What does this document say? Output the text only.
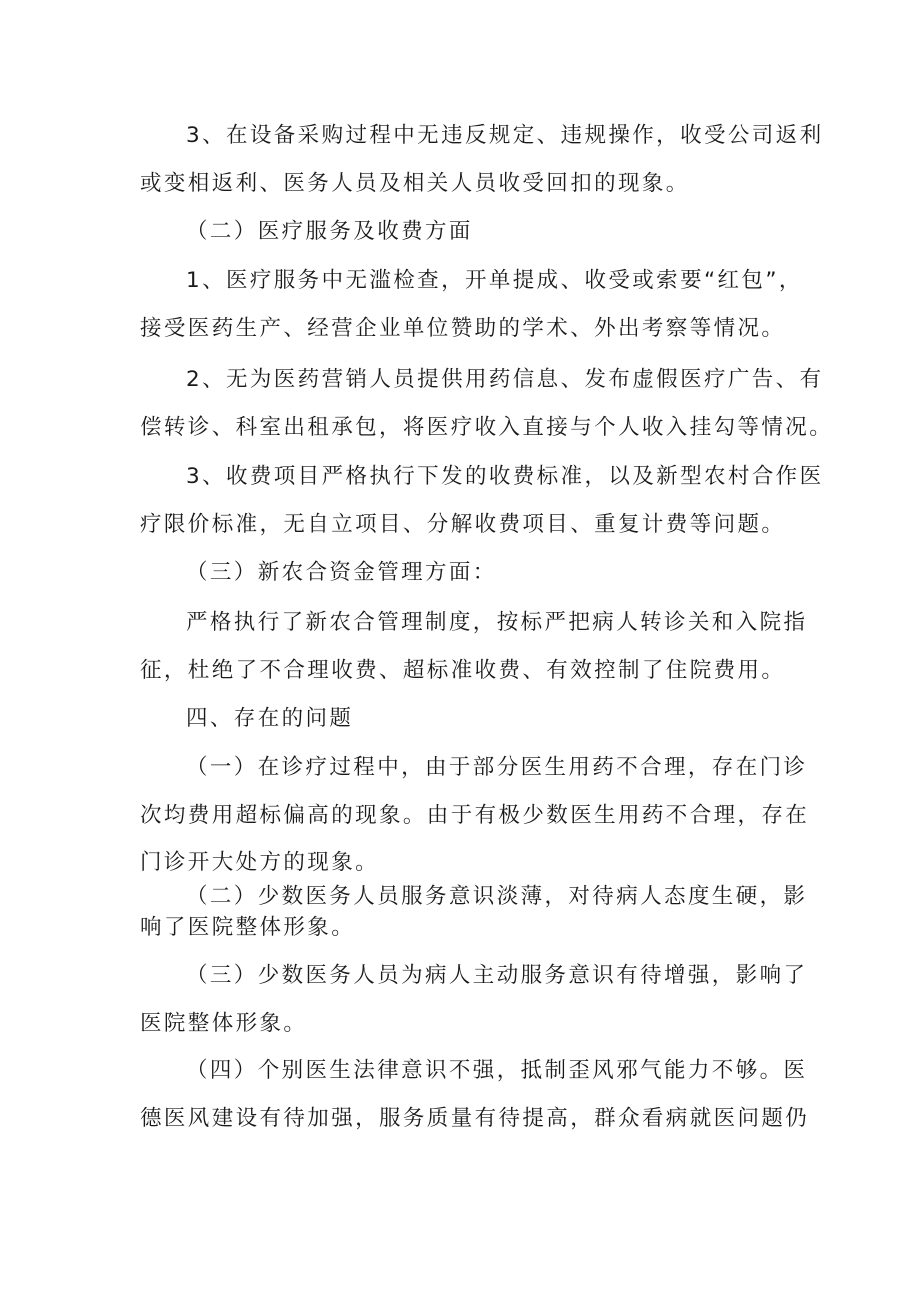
3、在设备采购过程中无违反规定、违规操作，收受公司返利
或变相返利、医务人员及相关人员收受回扣的现象。
（二）医疗服务及收费方面
1、医疗服务中无滥检查，开单提成、收受或索要“红包”，
接受医药生产、经营企业单位赞助的学术、外出考察等情况。
2、无为医药营销人员提供用药信息、发布虚假医疗广告、有
偿转诊、科室出租承包，将医疗收入直接与个人收入挂勾等情况。
3、收费项目严格执行下发的收费标准，以及新型农村合作医
疗限价标准，无自立项目、分解收费项目、重复计费等问题。
（三）新农合资金管理方面：
严格执行了新农合管理制度，按标严把病人转诊关和入院指
征，杜绝了不合理收费、超标准收费、有效控制了住院费用。
四、存在的问题
（一）在诊疗过程中，由于部分医生用药不合理，存在门诊
次均费用超标偏高的现象。由于有极少数医生用药不合理，存在
门诊开大处方的现象。
（二）少数医务人员服务意识淡薄，对待病人态度生硬，影
响了医院整体形象。
（三）少数医务人员为病人主动服务意识有待增强，影响了
医院整体形象。
（四）个别医生法律意识不强，抵制歪风邪气能力不够。医
德医风建设有待加强，服务质量有待提高，群众看病就医问题仍
